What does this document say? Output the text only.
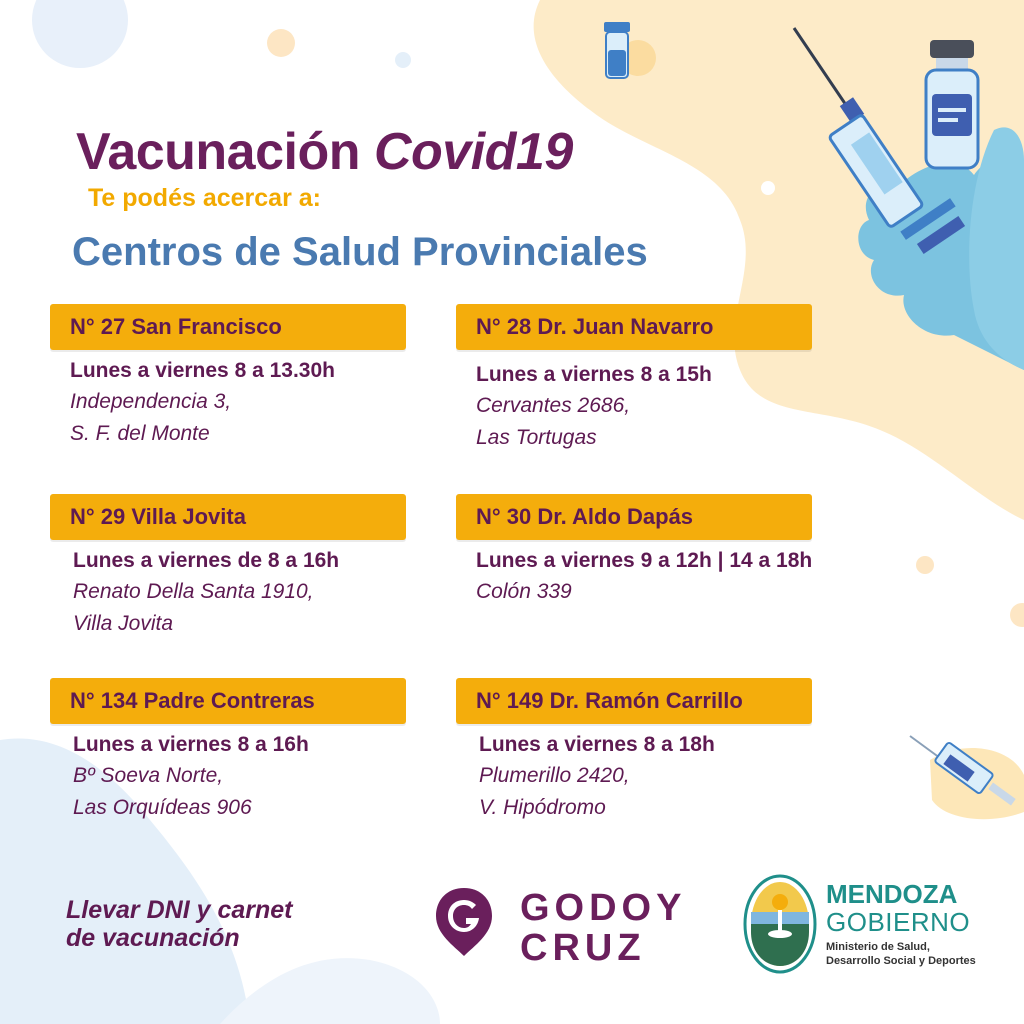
Vacunación Covid19
Te podés acercar a:
Centros de Salud Provinciales
N° 27 San Francisco
Lunes a viernes 8 a 13.30h
Independencia 3,
S. F. del Monte
N° 28 Dr. Juan Navarro
Lunes a viernes 8 a 15h
Cervantes 2686,
Las Tortugas
N° 29 Villa Jovita
Lunes a viernes de 8 a 16h
Renato Della Santa 1910,
Villa Jovita
N° 30 Dr. Aldo Dapás
Lunes a viernes 9 a 12h | 14 a 18h
Colón 339
N° 134 Padre Contreras
Lunes a viernes 8 a 16h
Bº Soeva Norte,
Las Orquídeas 906
N° 149 Dr. Ramón Carrillo
Lunes a viernes 8 a 18h
Plumerillo 2420,
V. Hipódromo
Llevar DNI y carnet
de vacunación
GODOY
CRUZ
MENDOZA
GOBIERNO
Ministerio de Salud,
Desarrollo Social y Deportes
